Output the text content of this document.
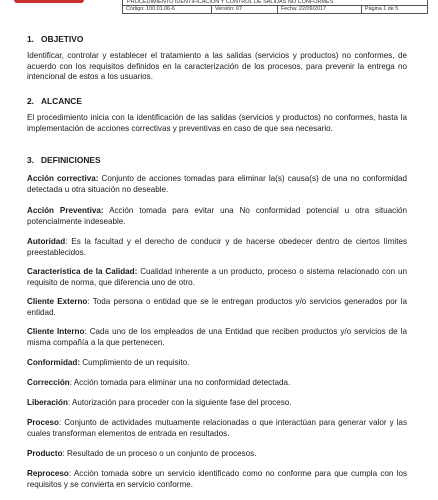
PROCEDIMIENTO IDENTIFICACION Y CONTROL DE SALIDAS NO CONFORMES
Código: 100.01.06-6	Versión: 07	Fecha: 22/09/2017	Página 1 de 5
1. OBJETIVO
Identificar, controlar y establecer el tratamiento a las salidas (servicios y productos) no conformes, de acuerdo con los requisitos definidos en la caracterización de los procesos, para prevenir la entrega no intencional de estos a los usuarios.
2. ALCANCE
El procedimiento inicia con la identificación de las salidas (servicios y productos) no conformes, hasta la implementación de acciones correctivas y preventivas en caso de que sea necesario.
3. DEFINICIONES
Acción correctiva: Conjunto de acciones tomadas para eliminar la(s) causa(s) de una no conformidad detectada u otra situación no deseable.
Acción Preventiva: Acción tomada para evitar una No conformidad potencial u otra situación potencialmente indeseable.
Autoridad: Es la facultad y el derecho de conducir y de hacerse obedecer dentro de ciertos límites preestablecidos.
Característica de la Calidad: Cualidad inherente a un producto, proceso o sistema relacionado con un requisito de norma, que diferencia uno de otro.
Cliente Externo: Toda persona o entidad que se le entregan productos y/o servicios generados por la entidad.
Cliente Interno: Cada uno de los empleados de una Entidad que reciben productos y/o servicios de la misma compañía a la que pertenecen.
Conformidad: Cumplimiento de un requisito.
Corrección: Acción tomada para eliminar una no conformidad detectada.
Liberación: Autorización para proceder con la siguiente fase del proceso.
Proceso: Conjunto de actividades mutuamente relacionadas o que interactúan para generar valor y las cuales transforman elementos de entrada en resultados.
Producto: Resultado de un proceso o un conjunto de procesos.
Reproceso: Acción tomada sobre un servicio identificado como no conforme para que cumpla con los requisitos y se convierta en servicio conforme.
